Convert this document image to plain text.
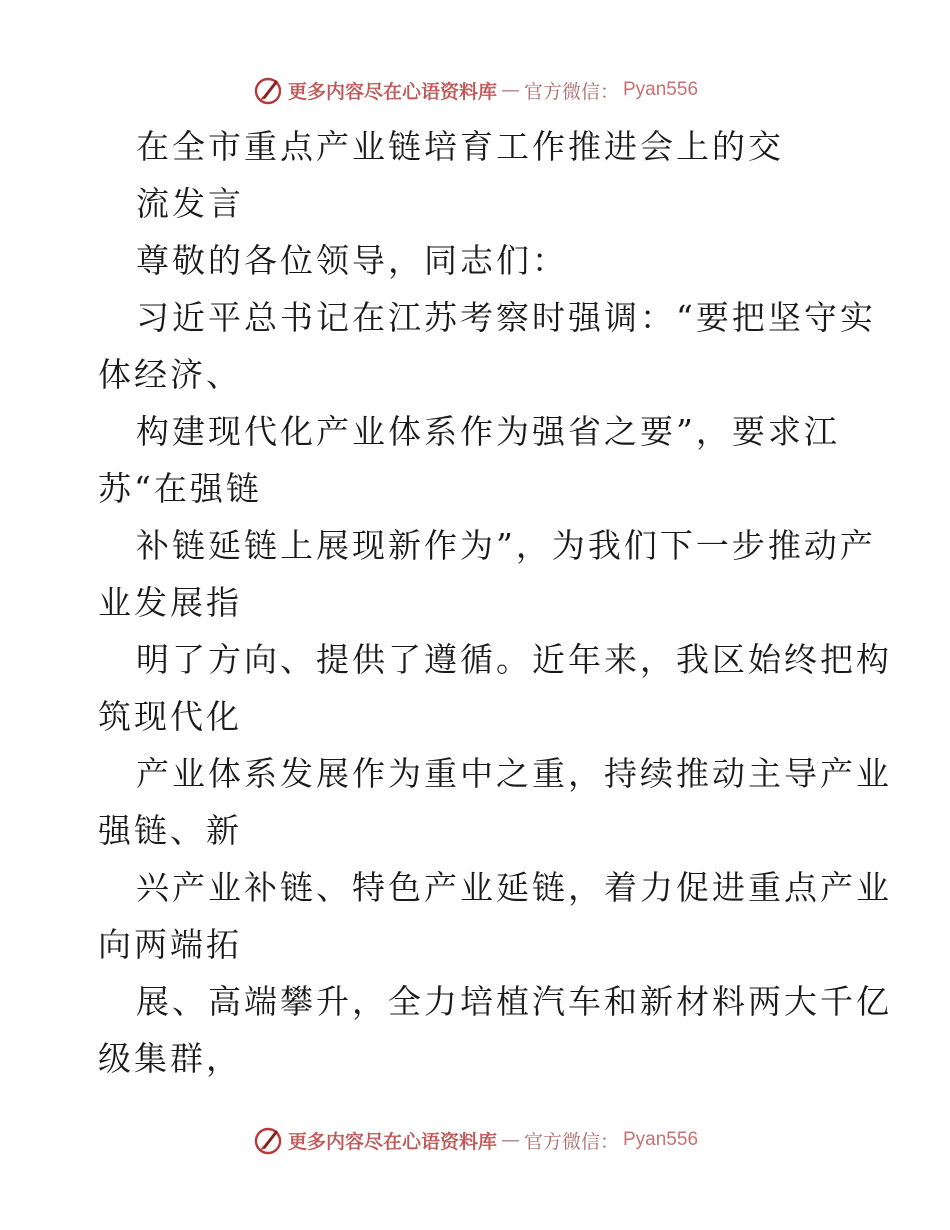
更多内容尽在心语资料库 — 官方微信： Pyan556
在全市重点产业链培育工作推进会上的交
流发言
尊敬的各位领导，同志们：
习近平总书记在江苏考察时强调：“要把坚守实
体经济、
构建现代化产业体系作为强省之要”，要求江
苏“在强链
补链延链上展现新作为”，为我们下一步推动产
业发展指
明了方向、提供了遵循。近年来，我区始终把构
筑现代化
产业体系发展作为重中之重，持续推动主导产业
强链、新
兴产业补链、特色产业延链，着力促进重点产业
向两端拓
展、高端攀升，全力培植汽车和新材料两大千亿
级集群，
更多内容尽在心语资料库 — 官方微信： Pyan556
